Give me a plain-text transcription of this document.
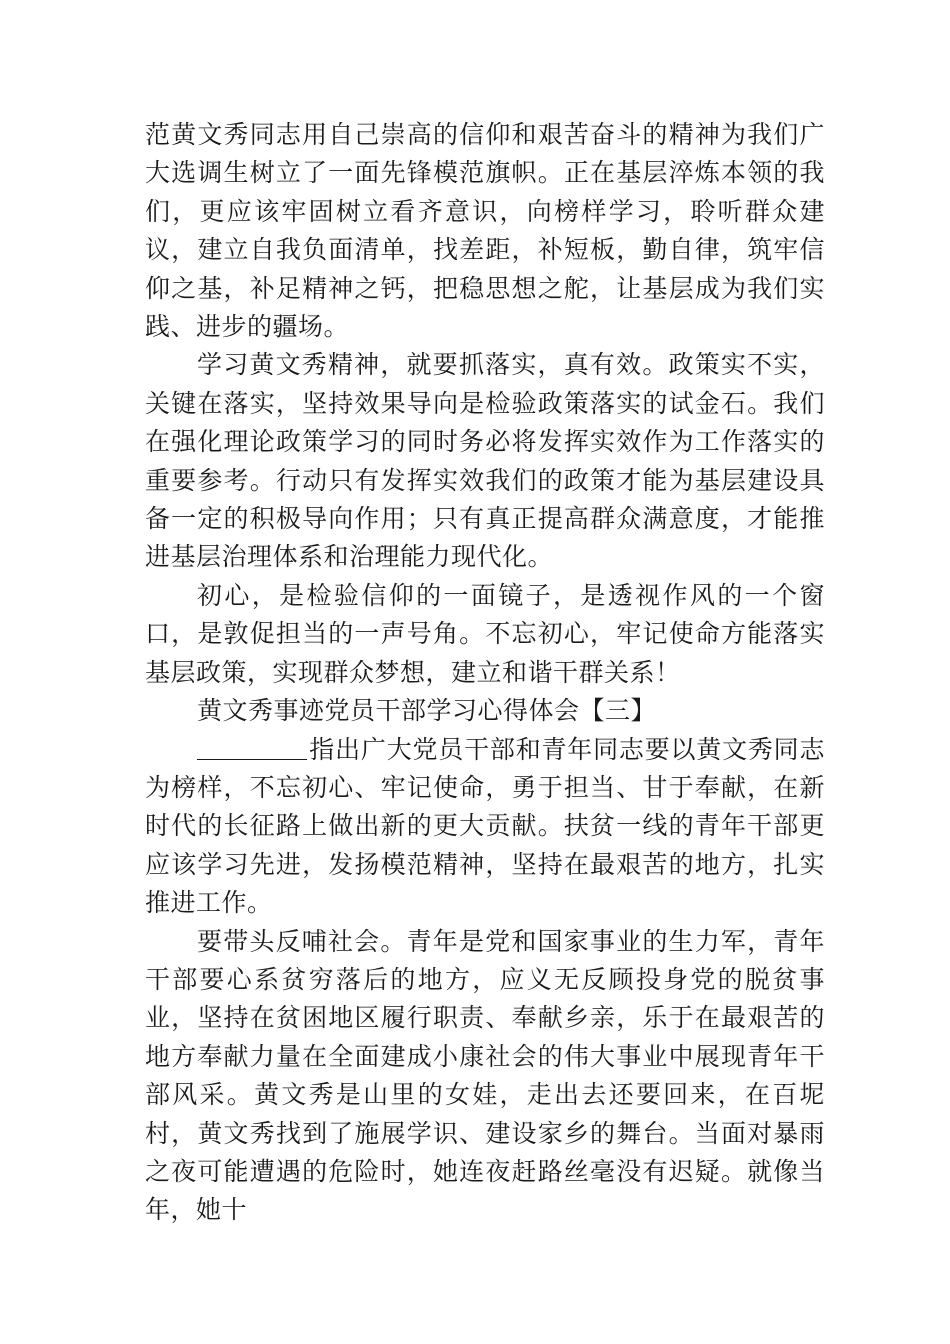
范黄文秀同志用自己崇高的信仰和艰苦奋斗的精神为我们广大选调生树立了一面先锋模范旗帜。正在基层淬炼本领的我们，更应该牢固树立看齐意识，向榜样学习，聆听群众建议，建立自我负面清单，找差距，补短板，勤自律，筑牢信仰之基，补足精神之钙，把稳思想之舵，让基层成为我们实践、进步的疆场。

学习黄文秀精神，就要抓落实，真有效。政策实不实，关键在落实，坚持效果导向是检验政策落实的试金石。我们在强化理论政策学习的同时务必将发挥实效作为工作落实的重要参考。行动只有发挥实效我们的政策才能为基层建设具备一定的积极导向作用；只有真正提高群众满意度，才能推进基层治理体系和治理能力现代化。

初心，是检验信仰的一面镜子，是透视作风的一个窗口，是敦促担当的一声号角。不忘初心，牢记使命方能落实基层政策，实现群众梦想，建立和谐干群关系！

黄文秀事迹党员干部学习心得体会【三】

指出广大党员干部和青年同志要以黄文秀同志为榜样，不忘初心、牢记使命，勇于担当、甘于奉献，在新时代的长征路上做出新的更大贡献。扶贫一线的青年干部更应该学习先进，发扬模范精神，坚持在最艰苦的地方，扎实推进工作。

要带头反哺社会。青年是党和国家事业的生力军，青年干部要心系贫穷落后的地方，应义无反顾投身党的脱贫事业，坚持在贫困地区履行职责、奉献乡亲，乐于在最艰苦的地方奉献力量在全面建成小康社会的伟大事业中展现青年干部风采。黄文秀是山里的女娃，走出去还要回来，在百坭村，黄文秀找到了施展学识、建设家乡的舞台。当面对暴雨之夜可能遭遇的危险时，她连夜赶路丝毫没有迟疑。就像当年，她十
